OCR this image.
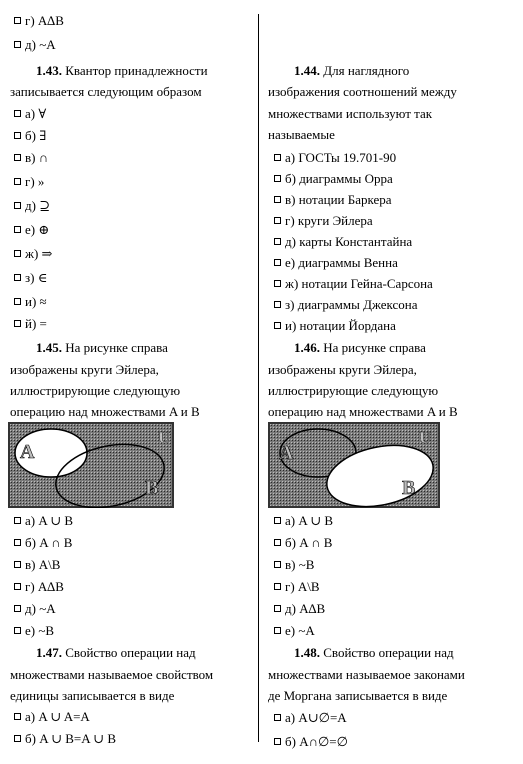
г) A∆B
д) ~A
1.43. Квантор принадлежности
записывается следующим образом
а) ∀
б) ∃
в) ∩
г) »
д) ⊇
е) ⊕
ж) ⇒
з) ∈
и) ≈
й) =
1.45. На рисунке справа
изображены круги Эйлера,
иллюстрирующие следующую
операцию над множествами A и B
A
B
U
а) A ∪ B
б) A ∩ B
в) A\B
г) A∆B
д) ~A
е) ~B
1.47. Свойство операции над
множествами называемое свойством
единицы записывается в виде
а) A ∪ A=A
б) A ∪ B=A ∪ B
1.44. Для наглядного
изображения соотношений между
множествами используют так
называемые
а) ГОСТы 19.701-90
б) диаграммы Орра
в) нотации Баркера
г) круги Эйлера
д) карты Константайна
е) диаграммы Венна
ж) нотации Гейна-Сарсона
з) диаграммы Джексона
и) нотации Йордана
1.46. На рисунке справа
изображены круги Эйлера,
иллюстрирующие следующую
операцию над множествами A и B
A
B
U
а) A ∪ B
б) A ∩ B
в) ~B
г) A\B
д) A∆B
е) ~A
1.48. Свойство операции над
множествами называемое законами
де Моргана записывается в виде
а) A∪∅=A
б) A∩∅=∅
